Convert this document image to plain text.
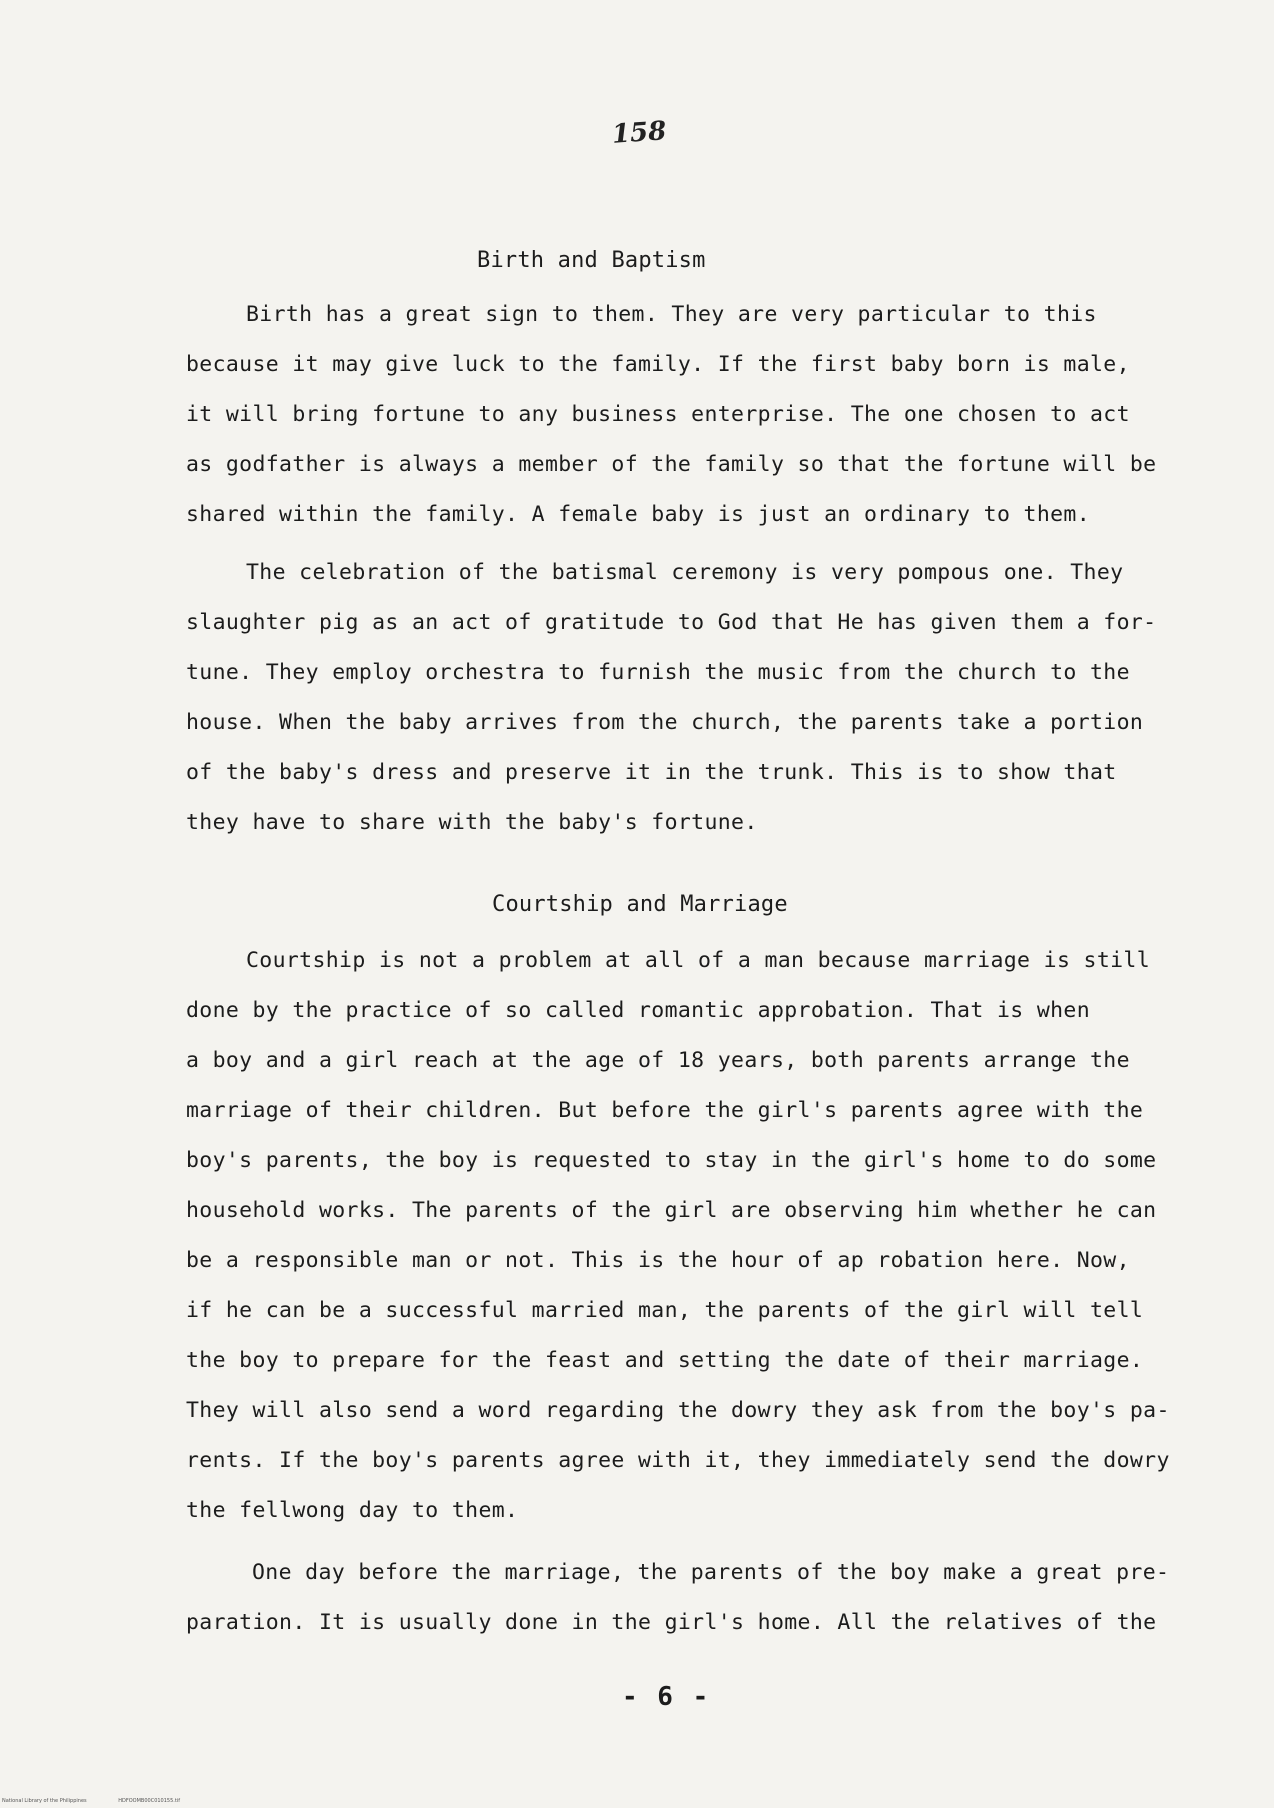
158
Birth and Baptism
Birth has a great sign to them. They are very particular to this
because it may give luck to the family. If the first baby born is male,
it will bring fortune to any business enterprise. The one chosen to act
as godfather is always a member of the family so that the fortune will be
shared within the family. A female baby is just an ordinary to them.
The celebration of the batismal ceremony is very pompous one. They
slaughter pig as an act of gratitude to God that He has given them a for-
tune. They employ orchestra to furnish the music from the church to the
house. When the baby arrives from the church, the parents take a portion
of the baby's dress and preserve it in the trunk. This is to show that
they have to share with the baby's fortune.
Courtship and Marriage
Courtship is not a problem at all of a man because marriage is still
done by the practice of so called romantic approbation. That is when
a boy and a girl reach at the age of 18 years, both parents arrange the
marriage of their children. But before the girl's parents agree with the
boy's parents, the boy is requested to stay in the girl's home to do some
household works. The parents of the girl are observing him whether he can
be a responsible man or not. This is the hour of ap robation here. Now,
if he can be a successful married man, the parents of the girl will tell
the boy to prepare for the feast and setting the date of their marriage.
They will also send a word regarding the dowry they ask from the boy's pa-
rents. If the boy's parents agree with it, they immediately send the dowry
the fellwong day to them.
One day before the marriage, the parents of the boy make a great pre-
paration. It is usually done in the girl's home. All the relatives of the
- 6 -
National Library of the Philippines	HDFOOMB00C010155.tif
